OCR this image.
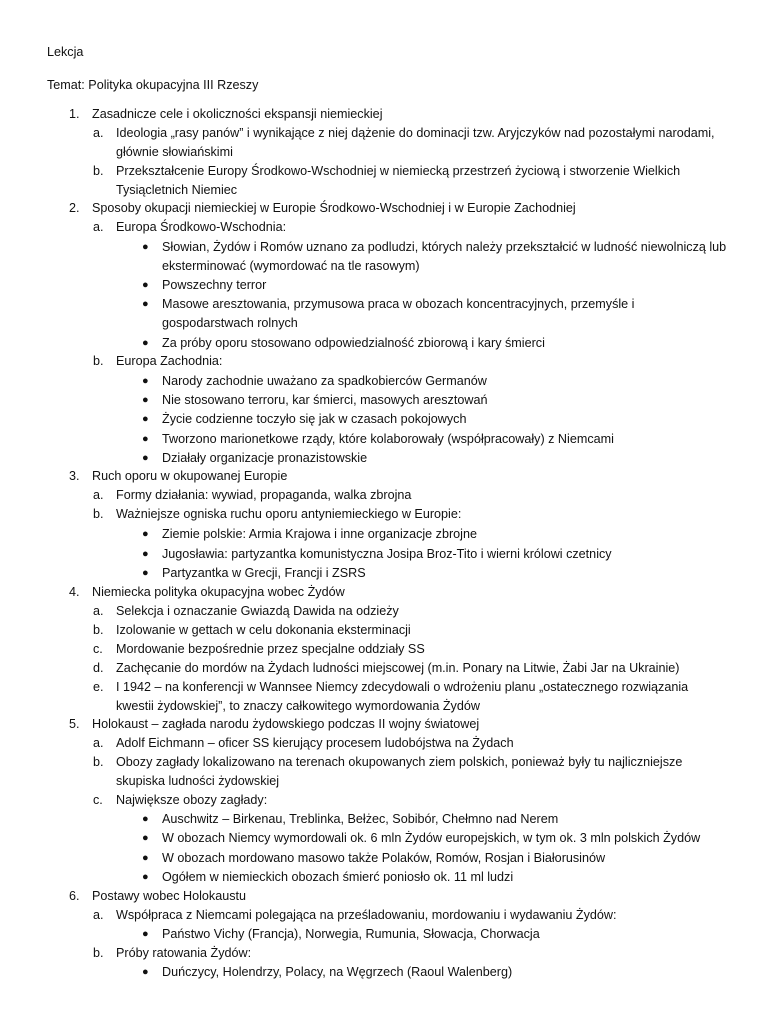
Lekcja
Temat: Polityka okupacyjna III Rzeszy
1. Zasadnicze cele i okoliczności ekspansji niemieckiej
a. Ideologia „rasy panów” i wynikające z niej dążenie do dominacji tzw. Aryjczyków nad pozostałymi narodami, głównie słowiańskimi
b. Przekształcenie Europy Środkowo-Wschodniej w niemiecką przestrzeń życiową i stworzenie Wielkich Tysiącletnich Niemiec
2. Sposoby okupacji niemieckiej w Europie Środkowo-Wschodniej i w Europie Zachodniej
a. Europa Środkowo-Wschodnia:
● Słowian, Żydów i Romów uznano za podludzi, których należy przekształcić w ludność niewolniczą lub eksterminować (wymordować na tle rasowym)
● Powszechny terror
● Masowe aresztowania, przymusowa praca w obozach koncentracyjnych, przemyśle i gospodarstwach rolnych
● Za próby oporu stosowano odpowiedzialność zbiorową i kary śmierci
b. Europa Zachodnia:
● Narody zachodnie uważano za spadkobierców Germanów
● Nie stosowano terroru, kar śmierci, masowych aresztowań
● Życie codzienne toczyło się jak w czasach pokojowych
● Tworzono marionetkowe rządy, które kolaborowały (współpracowały) z Niemcami
● Działały organizacje pronazistowskie
3. Ruch oporu w okupowanej Europie
a. Formy działania: wywiad, propaganda, walka zbrojna
b. Ważniejsze ogniska ruchu oporu antyniemieckiego w Europie:
● Ziemie polskie: Armia Krajowa i inne organizacje zbrojne
● Jugosławia: partyzantka komunistyczna Josipa Broz-Tito i wierni królowi czetnicy
● Partyzantka w Grecji, Francji i ZSRS
4. Niemiecka polityka okupacyjna wobec Żydów
a. Selekcja i oznaczanie Gwiazdą Dawida na odzieży
b. Izolowanie w gettach w celu dokonania eksterminacji
c. Mordowanie bezpośrednie przez specjalne oddziały SS
d. Zachęcanie do mordów na Żydach ludności miejscowej (m.in. Ponary na Litwie, Żabi Jar na Ukrainie)
e. I 1942 – na konferencji w Wannsee Niemcy zdecydowali o wdrożeniu planu „ostatecznego rozwiązania kwestii żydowskiej”, to znaczy całkowitego wymordowania Żydów
5. Holokaust – zagłada narodu żydowskiego podczas II wojny światowej
a. Adolf Eichmann – oficer SS kierujący procesem ludobójstwa na Żydach
b. Obozy zagłady lokalizowano na terenach okupowanych ziem polskich, ponieważ były tu najliczniejsze skupiska ludności żydowskiej
c. Największe obozy zagłady:
● Auschwitz – Birkenau, Treblinka, Bełżec, Sobibór, Chełmno nad Nerem
● W obozach Niemcy wymordowali ok. 6 mln Żydów europejskich, w tym ok. 3 mln polskich Żydów
● W obozach mordowano masowo także Polaków, Romów, Rosjan i Białorusinów
● Ogółem w niemieckich obozach śmierć poniosło ok. 11 ml ludzi
6. Postawy wobec Holokaustu
a. Współpraca z Niemcami polegająca na prześladowaniu, mordowaniu i wydawaniu Żydów:
● Państwo Vichy (Francja), Norwegia, Rumunia, Słowacja, Chorwacja
b. Próby ratowania Żydów:
● Duńczycy, Holendrzy, Polacy, na Węgrzech (Raoul Walenberg)
